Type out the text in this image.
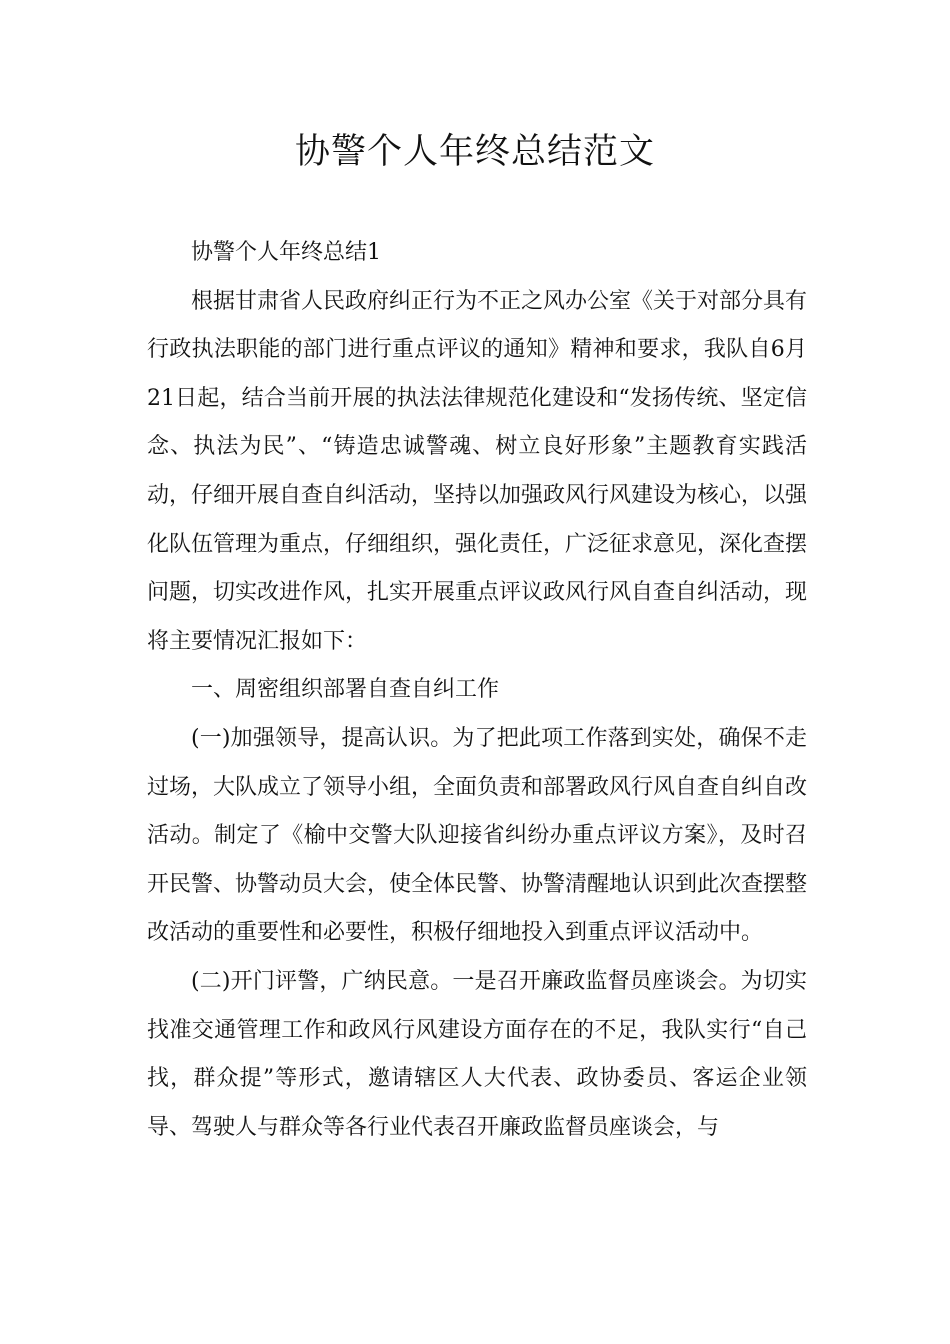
协警个人年终总结范文

协警个人年终总结1

根据甘肃省人民政府纠正行为不正之风办公室《关于对部分具有行政执法职能的部门进行重点评议的通知》精神和要求，我队自6月21日起，结合当前开展的执法法律规范化建设和“发扬传统、坚定信念、执法为民”、“铸造忠诚警魂、树立良好形象”主题教育实践活动，仔细开展自查自纠活动，坚持以加强政风行风建设为核心，以强化队伍管理为重点，仔细组织，强化责任，广泛征求意见，深化查摆问题，切实改进作风，扎实开展重点评议政风行风自查自纠活动，现将主要情况汇报如下：

一、周密组织部署自查自纠工作

(一)加强领导，提高认识。为了把此项工作落到实处，确保不走过场，大队成立了领导小组，全面负责和部署政风行风自查自纠自改活动。制定了《榆中交警大队迎接省纠纷办重点评议方案》，及时召开民警、协警动员大会，使全体民警、协警清醒地认识到此次查摆整改活动的重要性和必要性，积极仔细地投入到重点评议活动中。

(二)开门评警，广纳民意。一是召开廉政监督员座谈会。为切实找准交通管理工作和政风行风建设方面存在的不足，我队实行“自己找，群众提”等形式，邀请辖区人大代表、政协委员、客运企业领导、驾驶人与群众等各行业代表召开廉政监督员座谈会，与
